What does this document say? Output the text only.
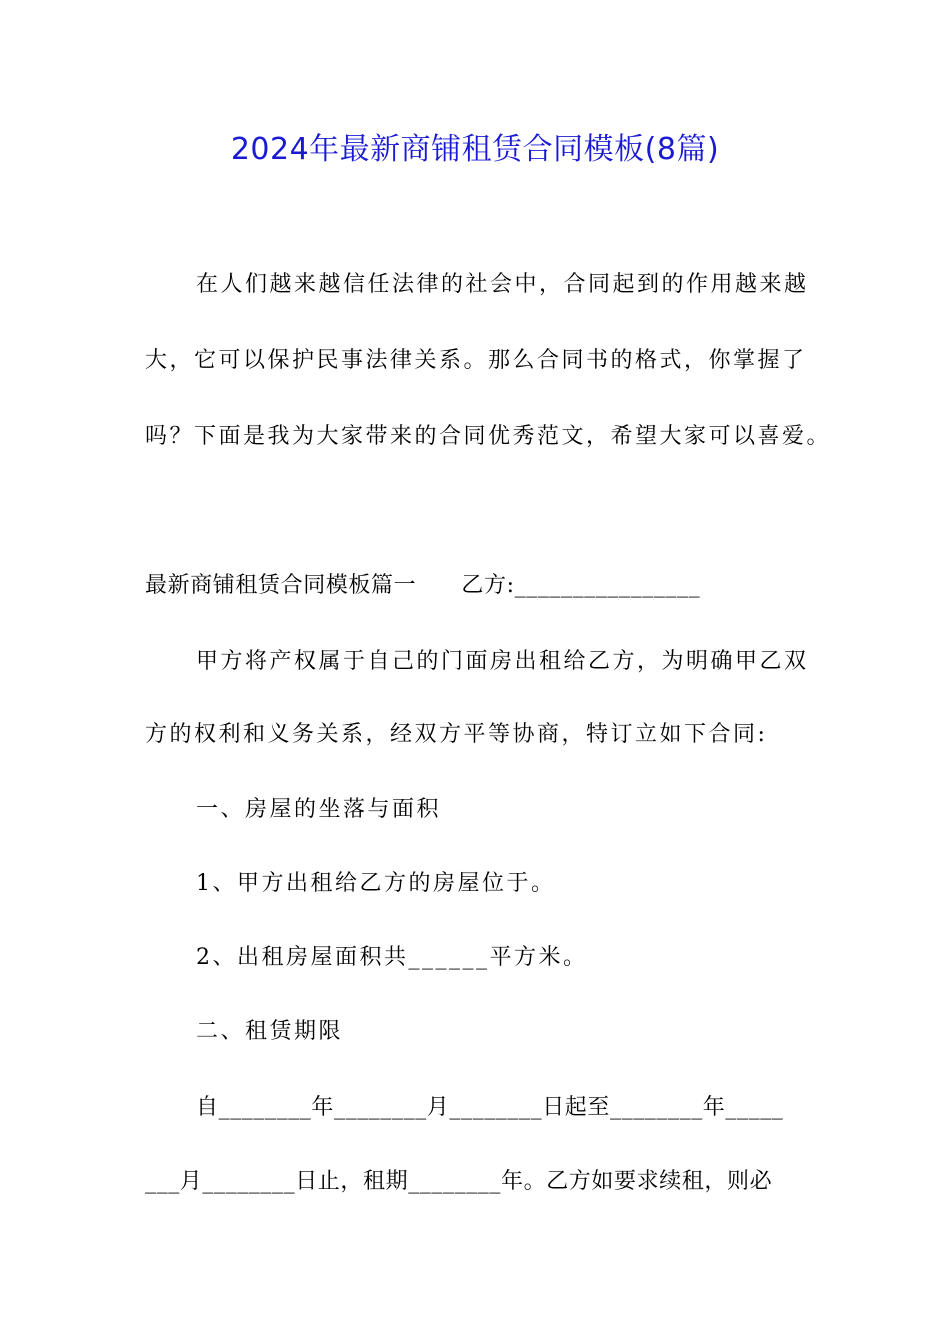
2024年最新商铺租赁合同模板(8篇)
在人们越来越信任法律的社会中，合同起到的作用越来越
大，它可以保护民事法律关系。那么合同书的格式，你掌握了
吗？下面是我为大家带来的合同优秀范文，希望大家可以喜爱。
最新商铺租赁合同模板篇一　　乙方:________________
甲方将产权属于自己的门面房出租给乙方，为明确甲乙双
方的权利和义务关系，经双方平等协商，特订立如下合同:
一、房屋的坐落与面积
1、甲方出租给乙方的房屋位于。
2、出租房屋面积共______平方米。
二、租赁期限
自________年________月________日起至________年_____
___月________日止，租期________年。乙方如要求续租，则必
